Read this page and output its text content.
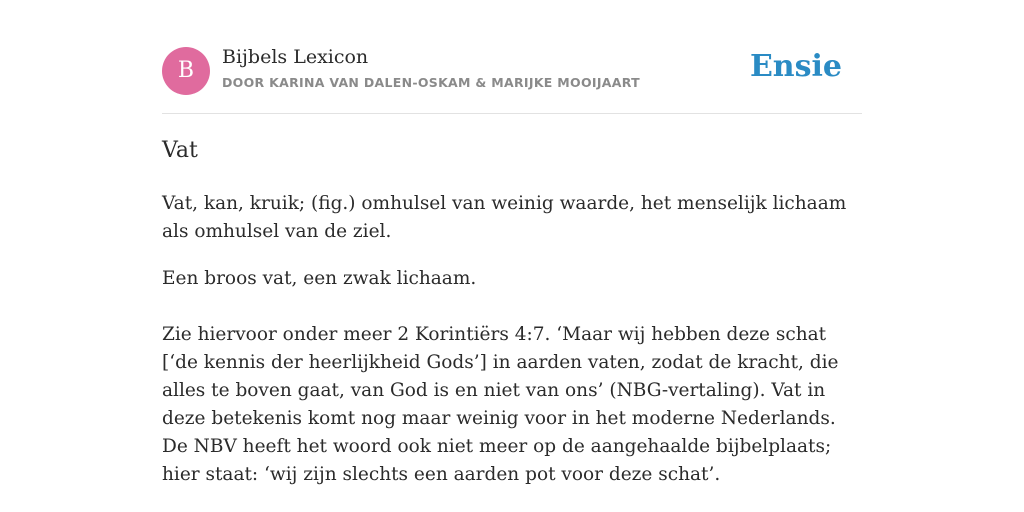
B
Bijbels Lexicon
DOOR KARINA VAN DALEN-OSKAM & MARIJKE MOOIJAART	Ensie
Vat

Vat, kan, kruik; (fig.) omhulsel van weinig waarde, het menselijk lichaam als omhulsel van de ziel.

Een broos vat, een zwak lichaam.

Zie hiervoor onder meer 2 Korintiërs 4:7. ‘Maar wij hebben deze schat [‘de kennis der heerlijkheid Gods’] in aarden vaten, zodat de kracht, die alles te boven gaat, van God is en niet van ons’ (NBG-vertaling). Vat in deze betekenis komt nog maar weinig voor in het moderne Nederlands. De NBV heeft het woord ook niet meer op de aangehaalde bijbelplaats; hier staat: ‘wij zijn slechts een aarden pot voor deze schat’.
